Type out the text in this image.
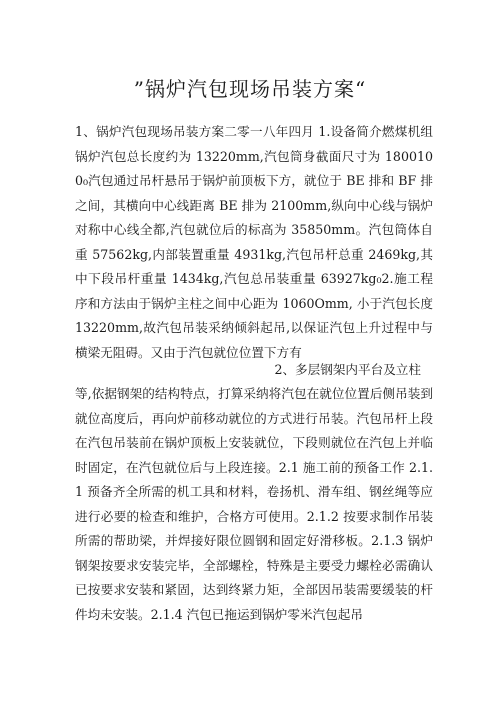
”锅炉汽包现场吊装方案“

1、锅炉汽包现场吊装方案二零一八年四月 1.设备简介燃煤机组锅炉汽包总长度约为 13220mm,汽包筒身截面尺寸为 1800100₀汽包通过吊杆悬吊于锅炉前顶板下方，就位于 BE 排和 BF 排之间，其横向中心线距离 BE 排为 2100mm,纵向中心线与锅炉对称中心线全都,汽包就位后的标高为 35850mm。汽包筒体自重 57562kg,内部装置重量 4931kg,汽包吊杆总重 2469kg,其中下段吊杆重量 1434kg,汽包总吊装重量 63927kg₀2.施工程序和方法由于锅炉主柱之间中心距为 1060Omm, 小于汽包长度 13220mm,故汽包吊装采纳倾斜起吊,以保证汽包上升过程中与横梁无阻碍。又由于汽包就位位置下方有

2、多层钢架内平台及立柱

等,依据钢架的结构特点，打算采纳将汽包在就位位置后侧吊装到就位高度后，再向炉前移动就位的方式进行吊装。汽包吊杆上段在汽包吊装前在锅炉顶板上安装就位，下段则就位在汽包上并临时固定，在汽包就位后与上段连接。2.1 施工前的预备工作 2.1.1 预备齐全所需的机工具和材料，卷扬机、滑车组、钢丝绳等应进行必要的检查和维护，合格方可使用。2.1.2 按要求制作吊装所需的帮助梁，并焊接好限位圆钢和固定好滑移板。2.1.3 锅炉钢架按要求安装完毕，全部螺栓，特殊是主要受力螺栓必需确认已按要求安装和紧固，达到终紧力矩，全部因吊装需要缓装的杆件均未安装。2.1.4 汽包已拖运到锅炉零米汽包起吊
